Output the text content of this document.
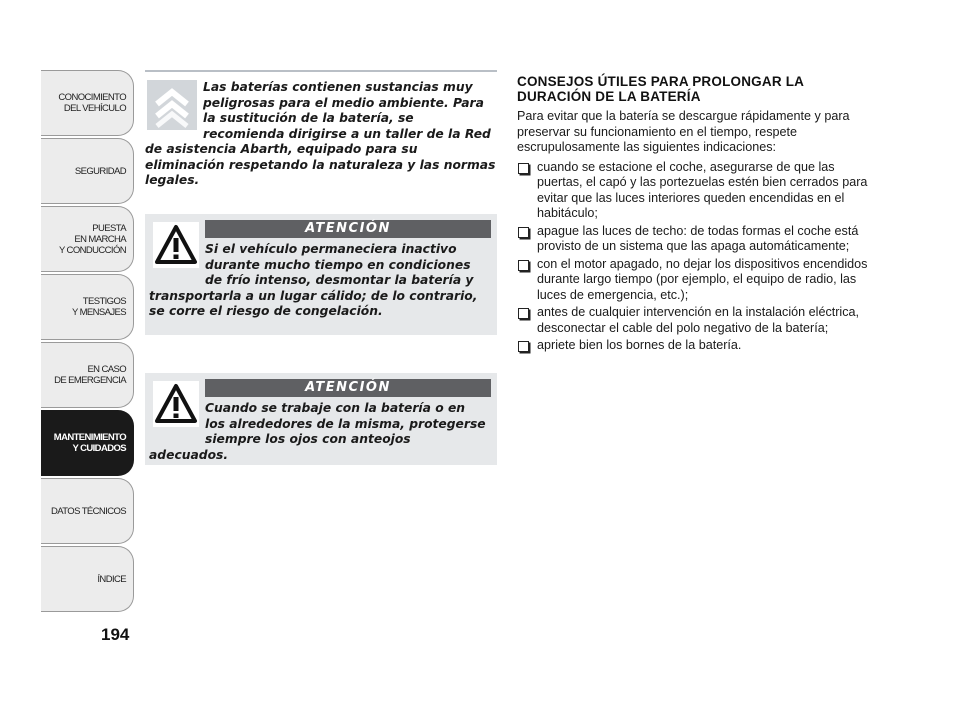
CONOCIMIENTO
DEL VEHÍCULO
SEGURIDAD
PUESTA
EN MARCHA
Y CONDUCCIÓN
TESTIGOS
Y MENSAJES
EN CASO
DE EMERGENCIA
MANTENIMIENTO
Y CUIDADOS
DATOS TÉCNICOS
ÍNDICE
194
Las baterías contienen sustancias muy peligrosas para el medio ambiente. Para la sustitución de la batería, se recomienda dirigirse a un taller de la Red de asistencia Abarth, equipado para su eliminación respetando la naturaleza y las normas legales.
ATENCIÓN
Si el vehículo permaneciera inactivo durante mucho tiempo en condiciones de frío intenso, desmontar la batería y transportarla a un lugar cálido; de lo contrario, se corre el riesgo de congelación.
ATENCIÓN
Cuando se trabaje con la batería o en los alrededores de la misma, protegerse siempre los ojos con anteojos adecuados.
CONSEJOS ÚTILES PARA PROLONGAR LA DURACIÓN DE LA BATERÍA

Para evitar que la batería se descargue rápidamente y para preservar su funcionamiento en el tiempo, respete escrupulosamente las siguientes indicaciones:

cuando se estacione el coche, asegurarse de que las puertas, el capó y las portezuelas estén bien cerrados para evitar que las luces interiores queden encendidas en el habitáculo;
apague las luces de techo: de todas formas el coche está provisto de un sistema que las apaga automáticamente;
con el motor apagado, no dejar los dispositivos encendidos durante largo tiempo (por ejemplo, el equipo de radio, las luces de emergencia, etc.);
antes de cualquier intervención en la instalación eléctrica, desconectar el cable del polo negativo de la batería;
apriete bien los bornes de la batería.
